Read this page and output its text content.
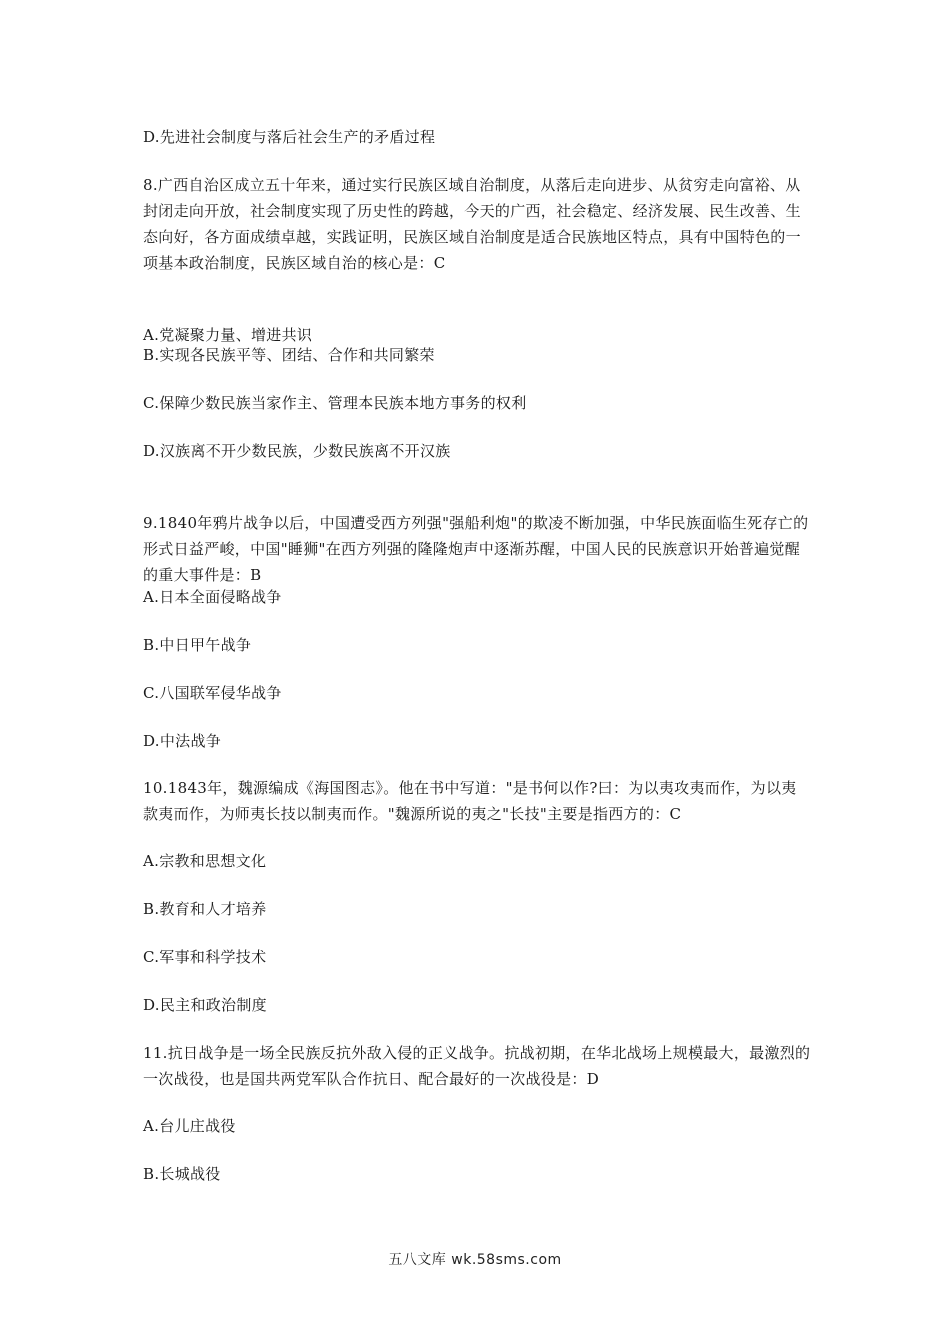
D.先进社会制度与落后社会生产的矛盾过程

8.广西自治区成立五十年来，通过实行民族区域自治制度，从落后走向进步、从贫穷走向富裕、从封闭走向开放，社会制度实现了历史性的跨越，今天的广西，社会稳定、经济发展、民生改善、生态向好，各方面成绩卓越，实践证明，民族区域自治制度是适合民族地区特点，具有中国特色的一项基本政治制度，民族区域自治的核心是：C

A.党凝聚力量、增进共识

B.实现各民族平等、团结、合作和共同繁荣

C.保障少数民族当家作主、管理本民族本地方事务的权利

D.汉族离不开少数民族，少数民族离不开汉族

9.1840年鸦片战争以后，中国遭受西方列强"强船利炮"的欺凌不断加强，中华民族面临生死存亡的形式日益严峻，中国"睡狮"在西方列强的隆隆炮声中逐渐苏醒，中国人民的民族意识开始普遍觉醒的重大事件是：B

A.日本全面侵略战争

B.中日甲午战争

C.八国联军侵华战争

D.中法战争

10.1843年，魏源编成《海国图志》。他在书中写道："是书何以作?曰：为以夷攻夷而作，为以夷款夷而作，为师夷长技以制夷而作。"魏源所说的夷之"长技"主要是指西方的：C

A.宗教和思想文化

B.教育和人才培养

C.军事和科学技术

D.民主和政治制度

11.抗日战争是一场全民族反抗外敌入侵的正义战争。抗战初期，在华北战场上规模最大，最激烈的一次战役，也是国共两党军队合作抗日、配合最好的一次战役是：D

A.台儿庄战役

B.长城战役

五八文库 wk.58sms.com
